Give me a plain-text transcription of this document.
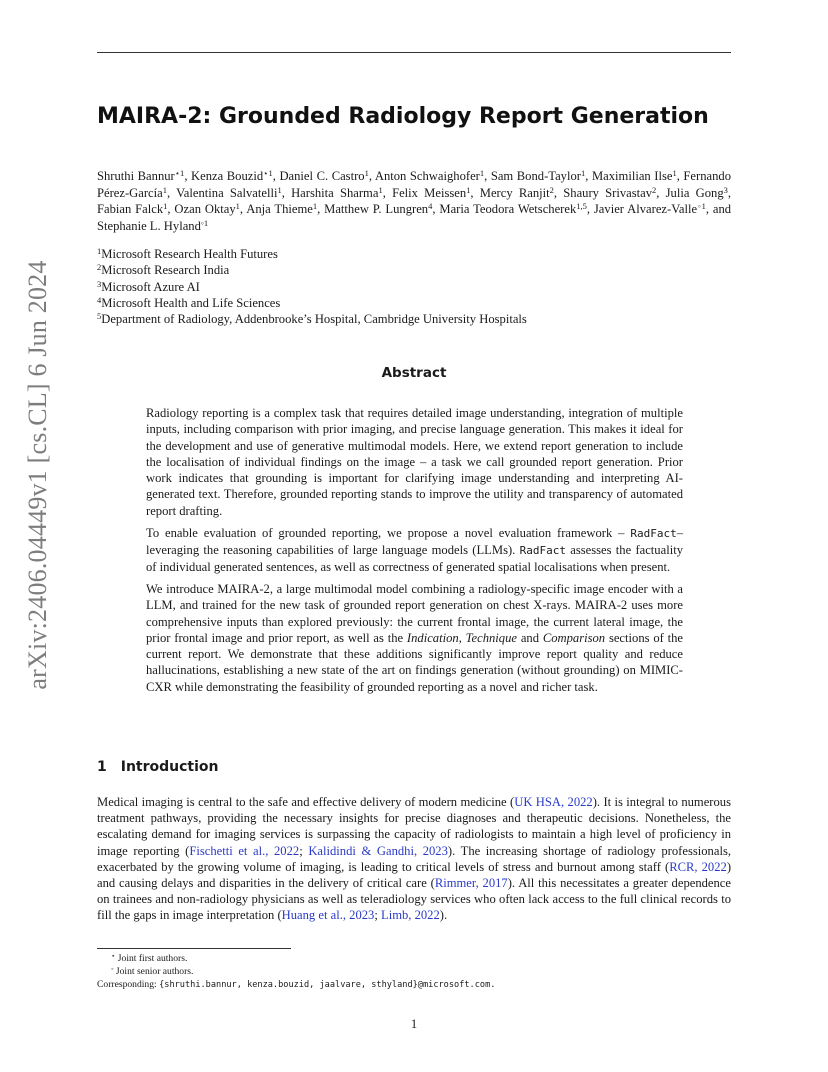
arXiv:2406.04449v1 [cs.CL] 6 Jun 2024
MAIRA-2: Grounded Radiology Report Generation

Shruthi Bannur$^{⋆1}$, Kenza Bouzid$^{⋆1}$, Daniel C. Castro$^1$, Anton Schwaighofer$^1$, Sam Bond-Taylor$^1$, Maximilian Ilse$^1$, Fernando Pérez-García$^1$, Valentina Salvatelli$^1$, Harshita Sharma$^1$, Felix Meissen$^1$, Mercy Ranjit$^2$, Shaury Srivastav$^2$, Julia Gong$^3$, Fabian Falck$^1$, Ozan Oktay$^1$, Anja Thieme$^1$, Matthew P. Lungren$^4$, Maria Teodora Wetscherek$^{1,5}$, Javier Alvarez-Valle$^{◦1}$, and Stephanie L. Hyland$^{◦1}$

$^1$Microsoft Research Health Futures
$^2$Microsoft Research India
$^3$Microsoft Azure AI
$^4$Microsoft Health and Life Sciences
$^5$Department of Radiology, Addenbrooke’s Hospital, Cambridge University Hospitals
Abstract

Radiology reporting is a complex task that requires detailed image understanding, integration of multiple inputs, including comparison with prior imaging, and precise language generation. This makes it ideal for the development and use of generative multimodal models. Here, we extend report generation to include the localisation of individual findings on the image – a task we call grounded report generation. Prior work indicates that grounding is important for clarifying image understanding and interpreting AI-generated text. Therefore, grounded reporting stands to improve the utility and transparency of automated report drafting.

To enable evaluation of grounded reporting, we propose a novel evaluation framework – RadFact– leveraging the reasoning capabilities of large language models (LLMs). RadFact assesses the factuality of individual generated sentences, as well as correctness of generated spatial localisations when present.

We introduce MAIRA-2, a large multimodal model combining a radiology-specific image encoder with a LLM, and trained for the new task of grounded report generation on chest X-rays. MAIRA-2 uses more comprehensive inputs than explored previously: the current frontal image, the current lateral image, the prior frontal image and prior report, as well as the Indication, Technique and Comparison sections of the current report. We demonstrate that these additions significantly improve report quality and reduce hallucinations, establishing a new state of the art on findings generation (without grounding) on MIMIC-CXR while demonstrating the feasibility of grounded reporting as a novel and richer task.

1 Introduction

Medical imaging is central to the safe and effective delivery of modern medicine (UK HSA, 2022). It is integral to numerous treatment pathways, providing the necessary insights for precise diagnoses and therapeutic decisions. Nonetheless, the escalating demand for imaging services is surpassing the capacity of radiologists to maintain a high level of proficiency in image reporting (Fischetti et al., 2022; Kalidindi & Gandhi, 2023). The increasing shortage of radiology professionals, exacerbated by the growing volume of imaging, is leading to critical levels of stress and burnout among staff (RCR, 2022) and causing delays and disparities in the delivery of critical care (Rimmer, 2017). All this necessitates a greater dependence on trainees and non-radiology physicians as well as teleradiology services who often lack access to the full clinical records to fill the gaps in image interpretation (Huang et al., 2023; Limb, 2022).

⋆ Joint first authors.
◦ Joint senior authors.
Corresponding: {shruthi.bannur, kenza.bouzid, jaalvare, sthyland}@microsoft.com.
1
